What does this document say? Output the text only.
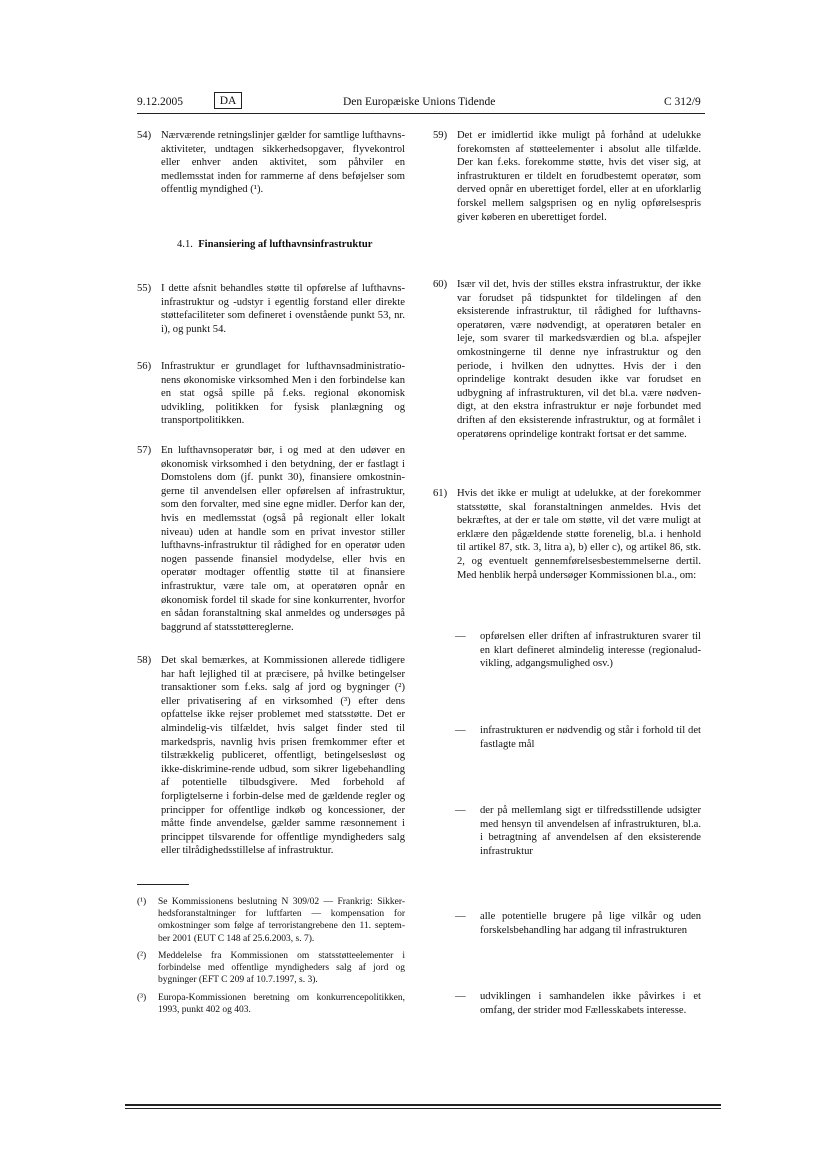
9.12.2005	DA	Den Europæiske Unions Tidende	C 312/9
54) Nærværende retningslinjer gælder for samtlige lufthavns-aktiviteter, undtagen sikkerhedsopgaver, flyvekontrol eller enhver anden aktivitet, som påhviler en medlemsstat inden for rammerne af dens beføjelser som offentlig myndighed (¹).
4.1. Finansiering af lufthavnsinfrastruktur
55) I dette afsnit behandles støtte til opførelse af lufthavns-infrastruktur og -udstyr i egentlig forstand eller direkte støttefaciliteter som defineret i ovenstående punkt 53, nr. i), og punkt 54.
56) Infrastruktur er grundlaget for lufthavnsadministratio-nens økonomiske virksomhed Men i den forbindelse kan en stat også spille på f.eks. regional økonomisk udvikling, politikken for fysisk planlægning og transportpolitikken.
57) En lufthavnsoperatør bør, i og med at den udøver en økonomisk virksomhed i den betydning, der er fastlagt i Domstolens dom (jf. punkt 30), finansiere omkostnin-gerne til anvendelsen eller opførelsen af infrastruktur, som den forvalter, med sine egne midler. Derfor kan der, hvis en medlemsstat (også på regionalt eller lokalt niveau) uden at handle som en privat investor stiller lufthavns-infrastruktur til rådighed for en operatør uden nogen passende finansiel modydelse, eller hvis en operatør modtager offentlig støtte til at finansiere infrastruktur, være tale om, at operatøren opnår en økonomisk fordel til skade for sine konkurrenter, hvorfor en sådan foranstaltning skal anmeldes og undersøges på baggrund af statsstøttereglerne.
58) Det skal bemærkes, at Kommissionen allerede tidligere har haft lejlighed til at præcisere, på hvilke betingelser transaktioner som f.eks. salg af jord og bygninger (²) eller privatisering af en virksomhed (³) efter dens opfattelse ikke rejser problemet med statsstøtte. Det er almindelig-vis tilfældet, hvis salget finder sted til markedspris, navnlig hvis prisen fremkommer efter et tilstrækkelig publiceret, offentligt, betingelsesløst og ikke-diskrimine-rende udbud, som sikrer ligebehandling af potentielle tilbudsgivere. Med forbehold af forpligtelserne i forbin-delse med de gældende regler og principper for offentlige indkøb og koncessioner, der måtte finde anvendelse, gælder samme ræsonnement i princippet tilsvarende for offentlige myndigheders salg eller tilrådighedsstillelse af infrastruktur.
(¹) Se Kommissionens beslutning N 309/02 — Frankrig: Sikker-hedsforanstaltninger for luftfarten — kompensation for omkostninger som følge af terroristangrebene den 11. septem-ber 2001 (EUT C 148 af 25.6.2003, s. 7).
(²) Meddelelse fra Kommissionen om statsstøtteelementer i forbindelse med offentlige myndigheders salg af jord og bygninger (EFT C 209 af 10.7.1997, s. 3).
(³) Europa-Kommissionen beretning om konkurrencepolitikken, 1993, punkt 402 og 403.
59) Det er imidlertid ikke muligt på forhånd at udelukke forekomsten af støtteelementer i absolut alle tilfælde. Der kan f.eks. forekomme støtte, hvis det viser sig, at infrastrukturen er tildelt en forudbestemt operatør, som derved opnår en uberettiget fordel, eller at en uforklarlig forskel mellem salgsprisen og en nylig opførelsespris giver køberen en uberettiget fordel.
60) Især vil det, hvis der stilles ekstra infrastruktur, der ikke var forudset på tidspunktet for tildelingen af den eksisterende infrastruktur, til rådighed for lufthavns-operatøren, være nødvendigt, at operatøren betaler en leje, som svarer til markedsværdien og bl.a. afspejler omkostningerne til denne nye infrastruktur og den periode, i hvilken den udnyttes. Hvis der i den oprindelige kontrakt desuden ikke var forudset en udbygning af infrastrukturen, vil det bl.a. være nødven-digt, at den ekstra infrastruktur er nøje forbundet med driften af den eksisterende infrastruktur, og at formålet i operatørens oprindelige kontrakt fortsat er det samme.
61) Hvis det ikke er muligt at udelukke, at der forekommer statsstøtte, skal foranstaltningen anmeldes. Hvis det bekræftes, at der er tale om støtte, vil det være muligt at erklære den pågældende støtte forenelig, bl.a. i henhold til artikel 87, stk. 3, litra a), b) eller c), og artikel 86, stk. 2, og eventuelt gennemførelsesbestemmelserne dertil. Med henblik herpå undersøger Kommissionen bl.a., om:
— opførelsen eller driften af infrastrukturen svarer til en klart defineret almindelig interesse (regionalud-vikling, adgangsmulighed osv.)
— infrastrukturen er nødvendig og står i forhold til det fastlagte mål
— der på mellemlang sigt er tilfredsstillende udsigter med hensyn til anvendelsen af infrastrukturen, bl.a. i betragtning af anvendelsen af den eksisterende infrastruktur
— alle potentielle brugere på lige vilkår og uden forskelsbehandling har adgang til infrastrukturen
— udviklingen i samhandelen ikke påvirkes i et omfang, der strider mod Fællesskabets interesse.
